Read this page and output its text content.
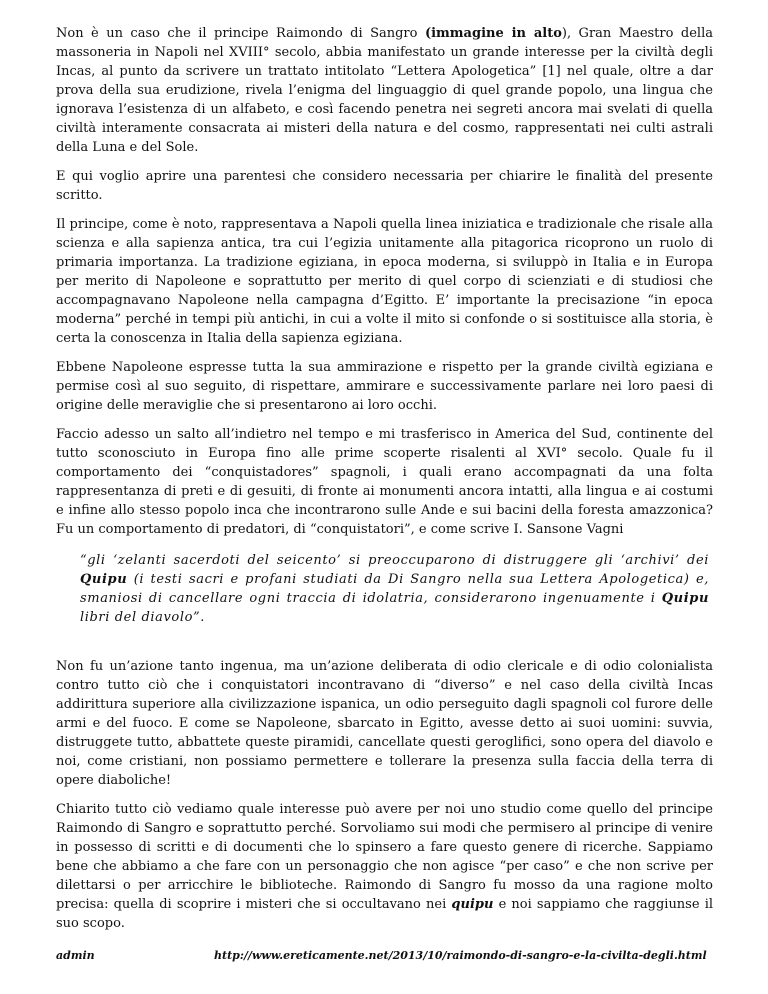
Non è un caso che il principe Raimondo di Sangro (immagine in alto), Gran Maestro della massoneria in Napoli nel XVIII° secolo, abbia manifestato un grande interesse per la civiltà degli Incas, al punto da scrivere un trattato intitolato “Lettera Apologetica” [1] nel quale, oltre a dar prova della sua erudizione, rivela l’enigma del linguaggio di quel grande popolo, una lingua che ignorava l’esistenza di un alfabeto, e così facendo penetra nei segreti ancora mai svelati di quella civiltà interamente consacrata ai misteri della natura e del cosmo, rappresentati nei culti astrali della Luna e del Sole.

E qui voglio aprire una parentesi che considero necessaria per chiarire le finalità del presente scritto.

Il principe, come è noto, rappresentava a Napoli quella linea iniziatica e tradizionale che risale alla scienza e alla sapienza antica, tra cui l’egizia unitamente alla pitagorica ricoprono un ruolo di primaria importanza. La tradizione egiziana, in epoca moderna, si sviluppò in Italia e in Europa per merito di Napoleone e soprattutto per merito di quel corpo di scienziati e di studiosi che accompagnavano Napoleone nella campagna d’Egitto. E’ importante la precisazione “in epoca moderna” perché in tempi più antichi, in cui a volte il mito si confonde o si sostituisce alla storia, è certa la conoscenza in Italia della sapienza egiziana.

Ebbene Napoleone espresse tutta la sua ammirazione e rispetto per la grande civiltà egiziana e permise così al suo seguito, di rispettare, ammirare e successivamente parlare nei loro paesi di origine delle meraviglie che si presentarono ai loro occhi.

Faccio adesso un salto all’indietro nel tempo e mi trasferisco in America del Sud, continente del tutto sconosciuto in Europa fino alle prime scoperte risalenti al XVI° secolo. Quale fu il comportamento dei “conquistadores” spagnoli, i quali erano accompagnati da una folta rappresentanza di preti e di gesuiti, di fronte ai monumenti ancora intatti, alla lingua e ai costumi e infine allo stesso popolo inca che incontrarono sulle Ande e sui bacini della foresta amazzonica? Fu un comportamento di predatori, di “conquistatori”, e come scrive I. Sansone Vagni

“gli ‘zelanti sacerdoti del seicento’ si preoccuparono di distruggere gli ‘archivi’ dei Quipu (i testi sacri e profani studiati da Di Sangro nella sua Lettera Apologetica) e, smaniosi di cancellare ogni traccia di idolatria, considerarono ingenuamente i Quipu libri del diavolo”.

Non fu un’azione tanto ingenua, ma un’azione deliberata di odio clericale e di odio colonialista contro tutto ciò che i conquistatori incontravano di “diverso” e nel caso della civiltà Incas addirittura superiore alla civilizzazione ispanica, un odio perseguito dagli spagnoli col furore delle armi e del fuoco. E come se Napoleone, sbarcato in Egitto, avesse detto ai suoi uomini: suvvia, distruggete tutto, abbattete queste piramidi, cancellate questi geroglifici, sono opera del diavolo e noi, come cristiani, non possiamo permettere e tollerare la presenza sulla faccia della terra di opere diaboliche!

Chiarito tutto ciò vediamo quale interesse può avere per noi uno studio come quello del principe Raimondo di Sangro e soprattutto perché. Sorvoliamo sui modi che permisero al principe di venire in possesso di scritti e di documenti che lo spinsero a fare questo genere di ricerche. Sappiamo bene che abbiamo a che fare con un personaggio che non agisce “per caso” e che non scrive per dilettarsi o per arricchire le biblioteche. Raimondo di Sangro fu mosso da una ragione molto precisa: quella di scoprire i misteri che si occultavano nei quipu e noi sappiamo che raggiunse il suo scopo.

admin	http://www.ereticamente.net/2013/10/raimondo-di-sangro-e-la-civilta-degli.html
